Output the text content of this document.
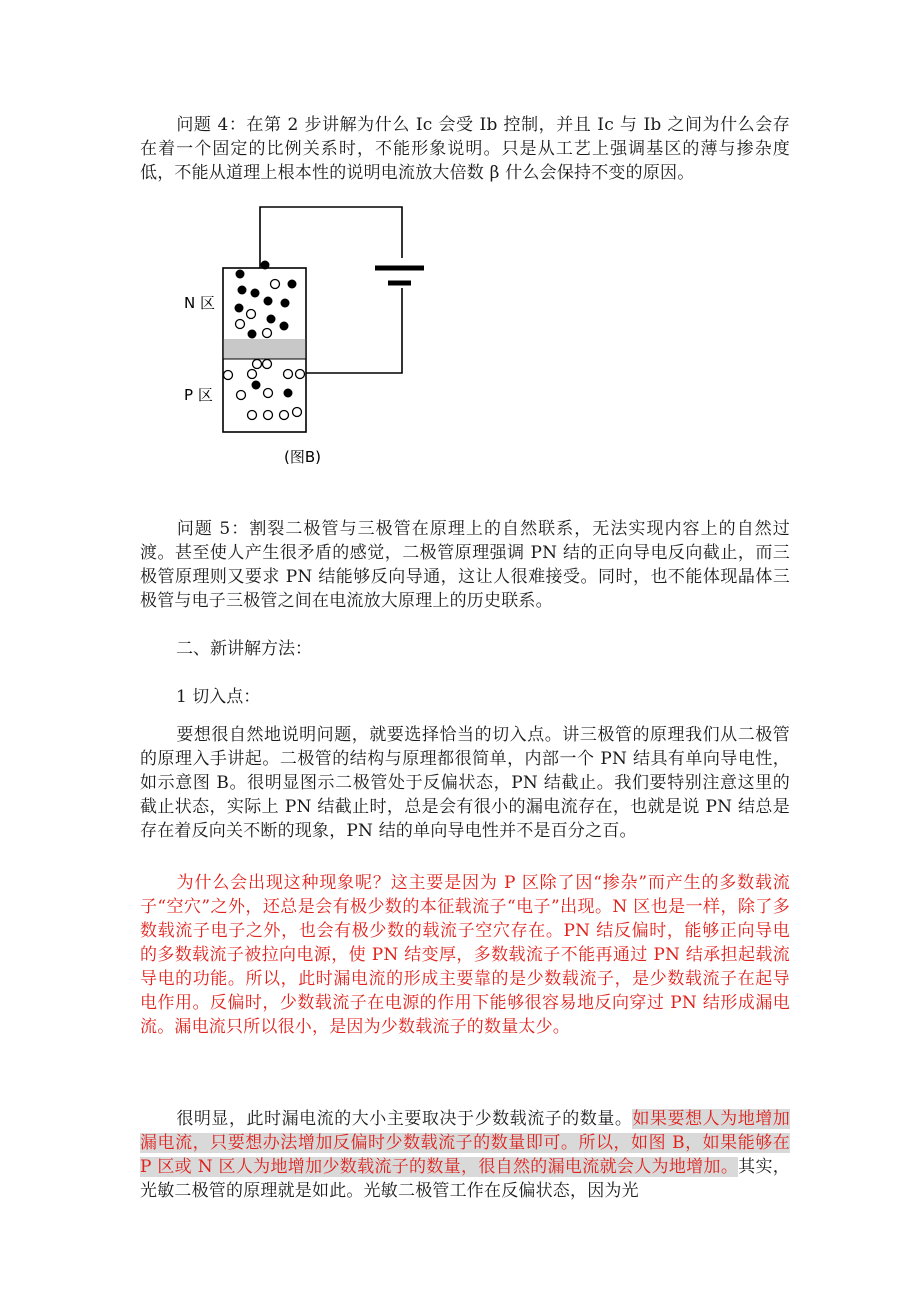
问题 4：在第 2 步讲解为什么 Ic 会受 Ib 控制，并且 Ic 与 Ib 之间为什么会存在着一个固定的比例关系时，不能形象说明。只是从工艺上强调基区的薄与掺杂度低，不能从道理上根本性的说明电流放大倍数 β 什么会保持不变的原因。

N 区
P 区
(图B)

问题 5：割裂二极管与三极管在原理上的自然联系，无法实现内容上的自然过渡。甚至使人产生很矛盾的感觉，二极管原理强调 PN 结的正向导电反向截止，而三极管原理则又要求 PN 结能够反向导通，这让人很难接受。同时，也不能体现晶体三极管与电子三极管之间在电流放大原理上的历史联系。

二、新讲解方法：

1 切入点：

要想很自然地说明问题，就要选择恰当的切入点。讲三极管的原理我们从二极管的原理入手讲起。二极管的结构与原理都很简单，内部一个 PN 结具有单向导电性，如示意图 B。很明显图示二极管处于反偏状态，PN 结截止。我们要特别注意这里的截止状态，实际上 PN 结截止时，总是会有很小的漏电流存在，也就是说 PN 结总是存在着反向关不断的现象，PN 结的单向导电性并不是百分之百。

为什么会出现这种现象呢？这主要是因为 P 区除了因“掺杂”而产生的多数载流子“空穴”之外，还总是会有极少数的本征载流子“电子”出现。N 区也是一样，除了多数载流子电子之外，也会有极少数的载流子空穴存在。PN 结反偏时，能够正向导电的多数载流子被拉向电源，使 PN 结变厚，多数载流子不能再通过 PN 结承担起载流导电的功能。所以，此时漏电流的形成主要靠的是少数载流子，是少数载流子在起导电作用。反偏时，少数载流子在电源的作用下能够很容易地反向穿过 PN 结形成漏电流。漏电流只所以很小，是因为少数载流子的数量太少。

很明显，此时漏电流的大小主要取决于少数载流子的数量。如果要想人为地增加漏电流，只要想办法增加反偏时少数载流子的数量即可。所以，如图 B，如果能够在 P 区或 N 区人为地增加少数载流子的数量，很自然的漏电流就会人为地增加。其实，光敏二极管的原理就是如此。光敏二极管工作在反偏状态，因为光
